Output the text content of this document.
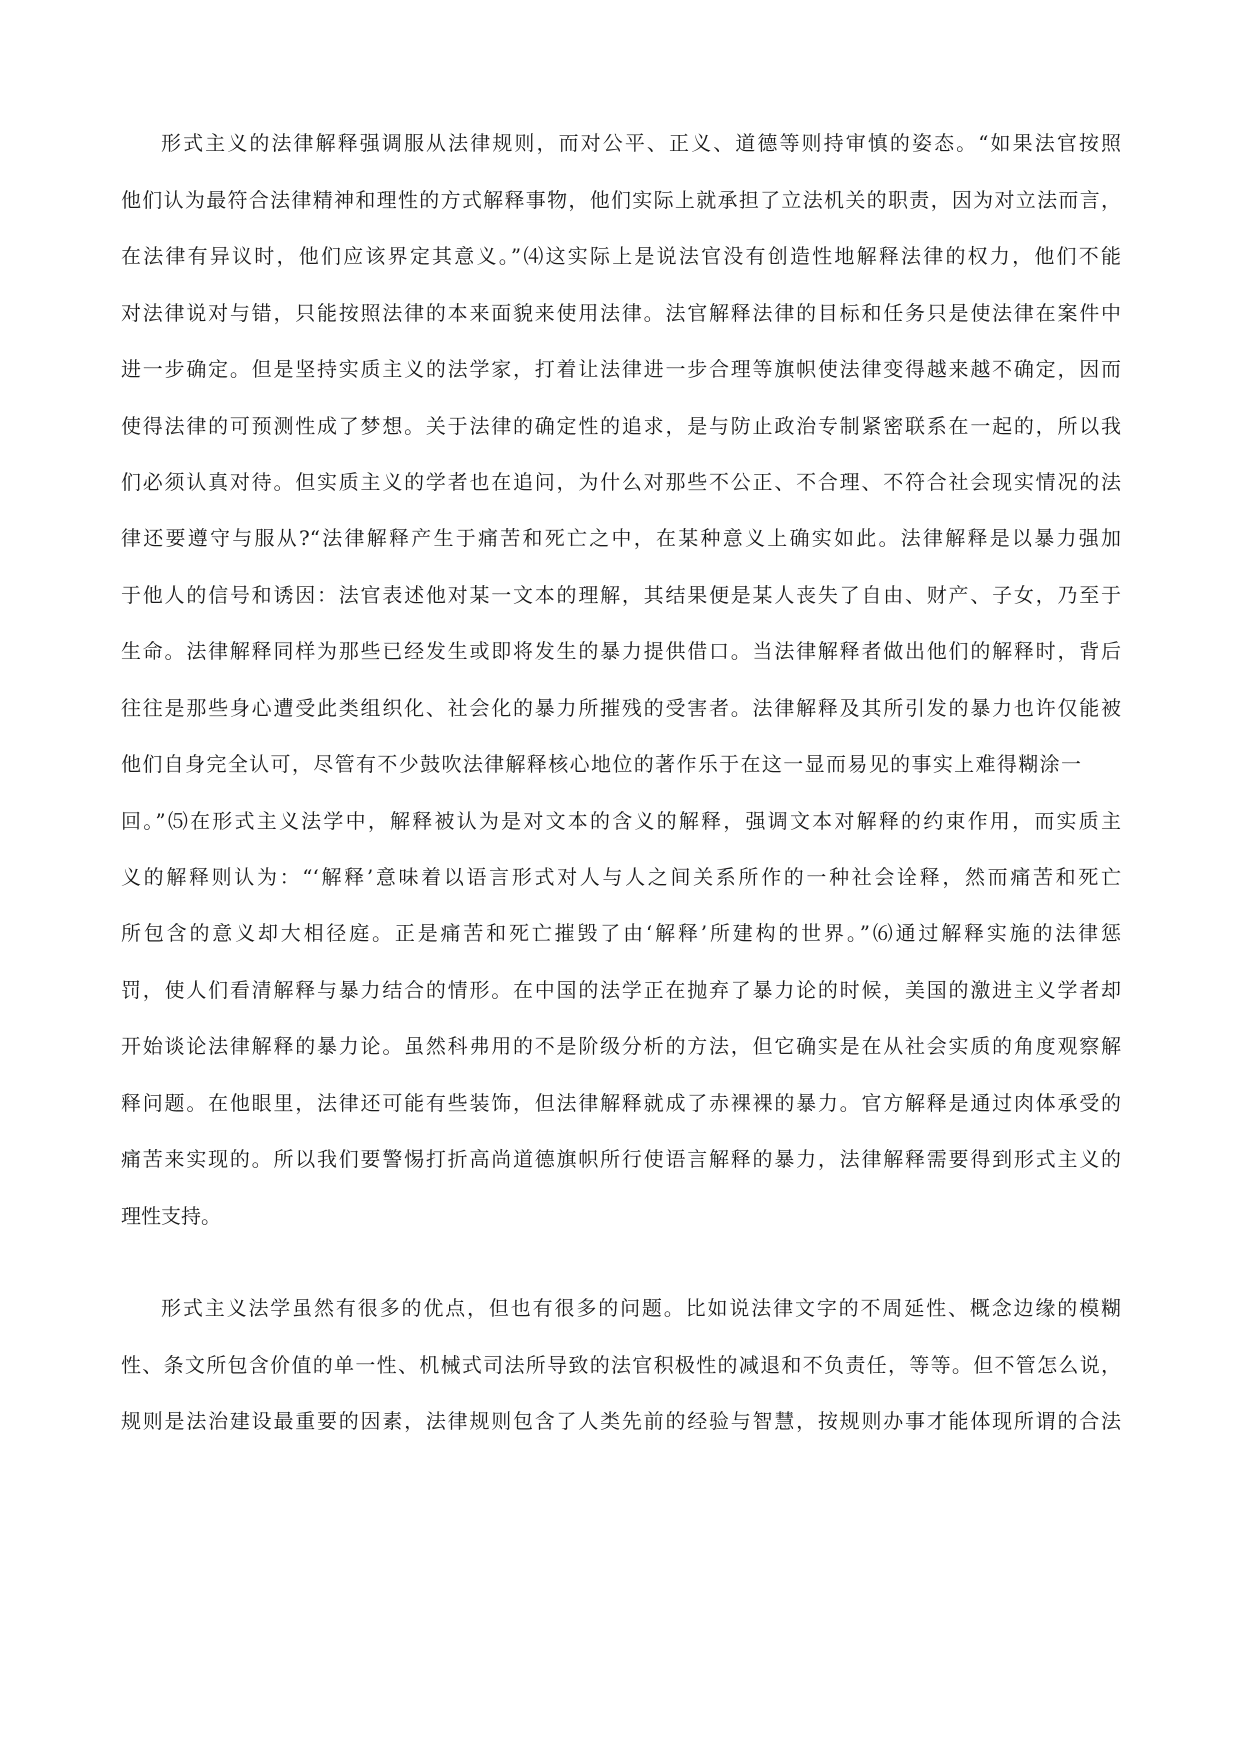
形式主义的法律解释强调服从法律规则，而对公平、正义、道德等则持审慎的姿态。“如果法官按照
他们认为最符合法律精神和理性的方式解释事物，他们实际上就承担了立法机关的职责，因为对立法而言，
在法律有异议时，他们应该界定其意义。”⑷这实际上是说法官没有创造性地解释法律的权力，他们不能
对法律说对与错，只能按照法律的本来面貌来使用法律。法官解释法律的目标和任务只是使法律在案件中
进一步确定。但是坚持实质主义的法学家，打着让法律进一步合理等旗帜使法律变得越来越不确定，因而
使得法律的可预测性成了梦想。关于法律的确定性的追求，是与防止政治专制紧密联系在一起的，所以我
们必须认真对待。但实质主义的学者也在追问，为什么对那些不公正、不合理、不符合社会现实情况的法
律还要遵守与服从?“法律解释产生于痛苦和死亡之中，在某种意义上确实如此。法律解释是以暴力强加
于他人的信号和诱因：法官表述他对某一文本的理解，其结果便是某人丧失了自由、财产、子女，乃至于
生命。法律解释同样为那些已经发生或即将发生的暴力提供借口。当法律解释者做出他们的解释时，背后
往往是那些身心遭受此类组织化、社会化的暴力所摧残的受害者。法律解释及其所引发的暴力也许仅能被
他们自身完全认可，尽管有不少鼓吹法律解释核心地位的著作乐于在这一显而易见的事实上难得糊涂一
回。”⑸在形式主义法学中，解释被认为是对文本的含义的解释，强调文本对解释的约束作用，而实质主
义的解释则认为：“‘解释’意味着以语言形式对人与人之间关系所作的一种社会诠释，然而痛苦和死亡
所包含的意义却大相径庭。正是痛苦和死亡摧毁了由‘解释’所建构的世界。”⑹通过解释实施的法律惩
罚，使人们看清解释与暴力结合的情形。在中国的法学正在抛弃了暴力论的时候，美国的激进主义学者却
开始谈论法律解释的暴力论。虽然科弗用的不是阶级分析的方法，但它确实是在从社会实质的角度观察解
释问题。在他眼里，法律还可能有些装饰，但法律解释就成了赤裸裸的暴力。官方解释是通过肉体承受的
痛苦来实现的。所以我们要警惕打折高尚道德旗帜所行使语言解释的暴力，法律解释需要得到形式主义的
理性支持。
形式主义法学虽然有很多的优点，但也有很多的问题。比如说法律文字的不周延性、概念边缘的模糊
性、条文所包含价值的单一性、机械式司法所导致的法官积极性的减退和不负责任，等等。但不管怎么说，
规则是法治建设最重要的因素，法律规则包含了人类先前的经验与智慧，按规则办事才能体现所谓的合法
